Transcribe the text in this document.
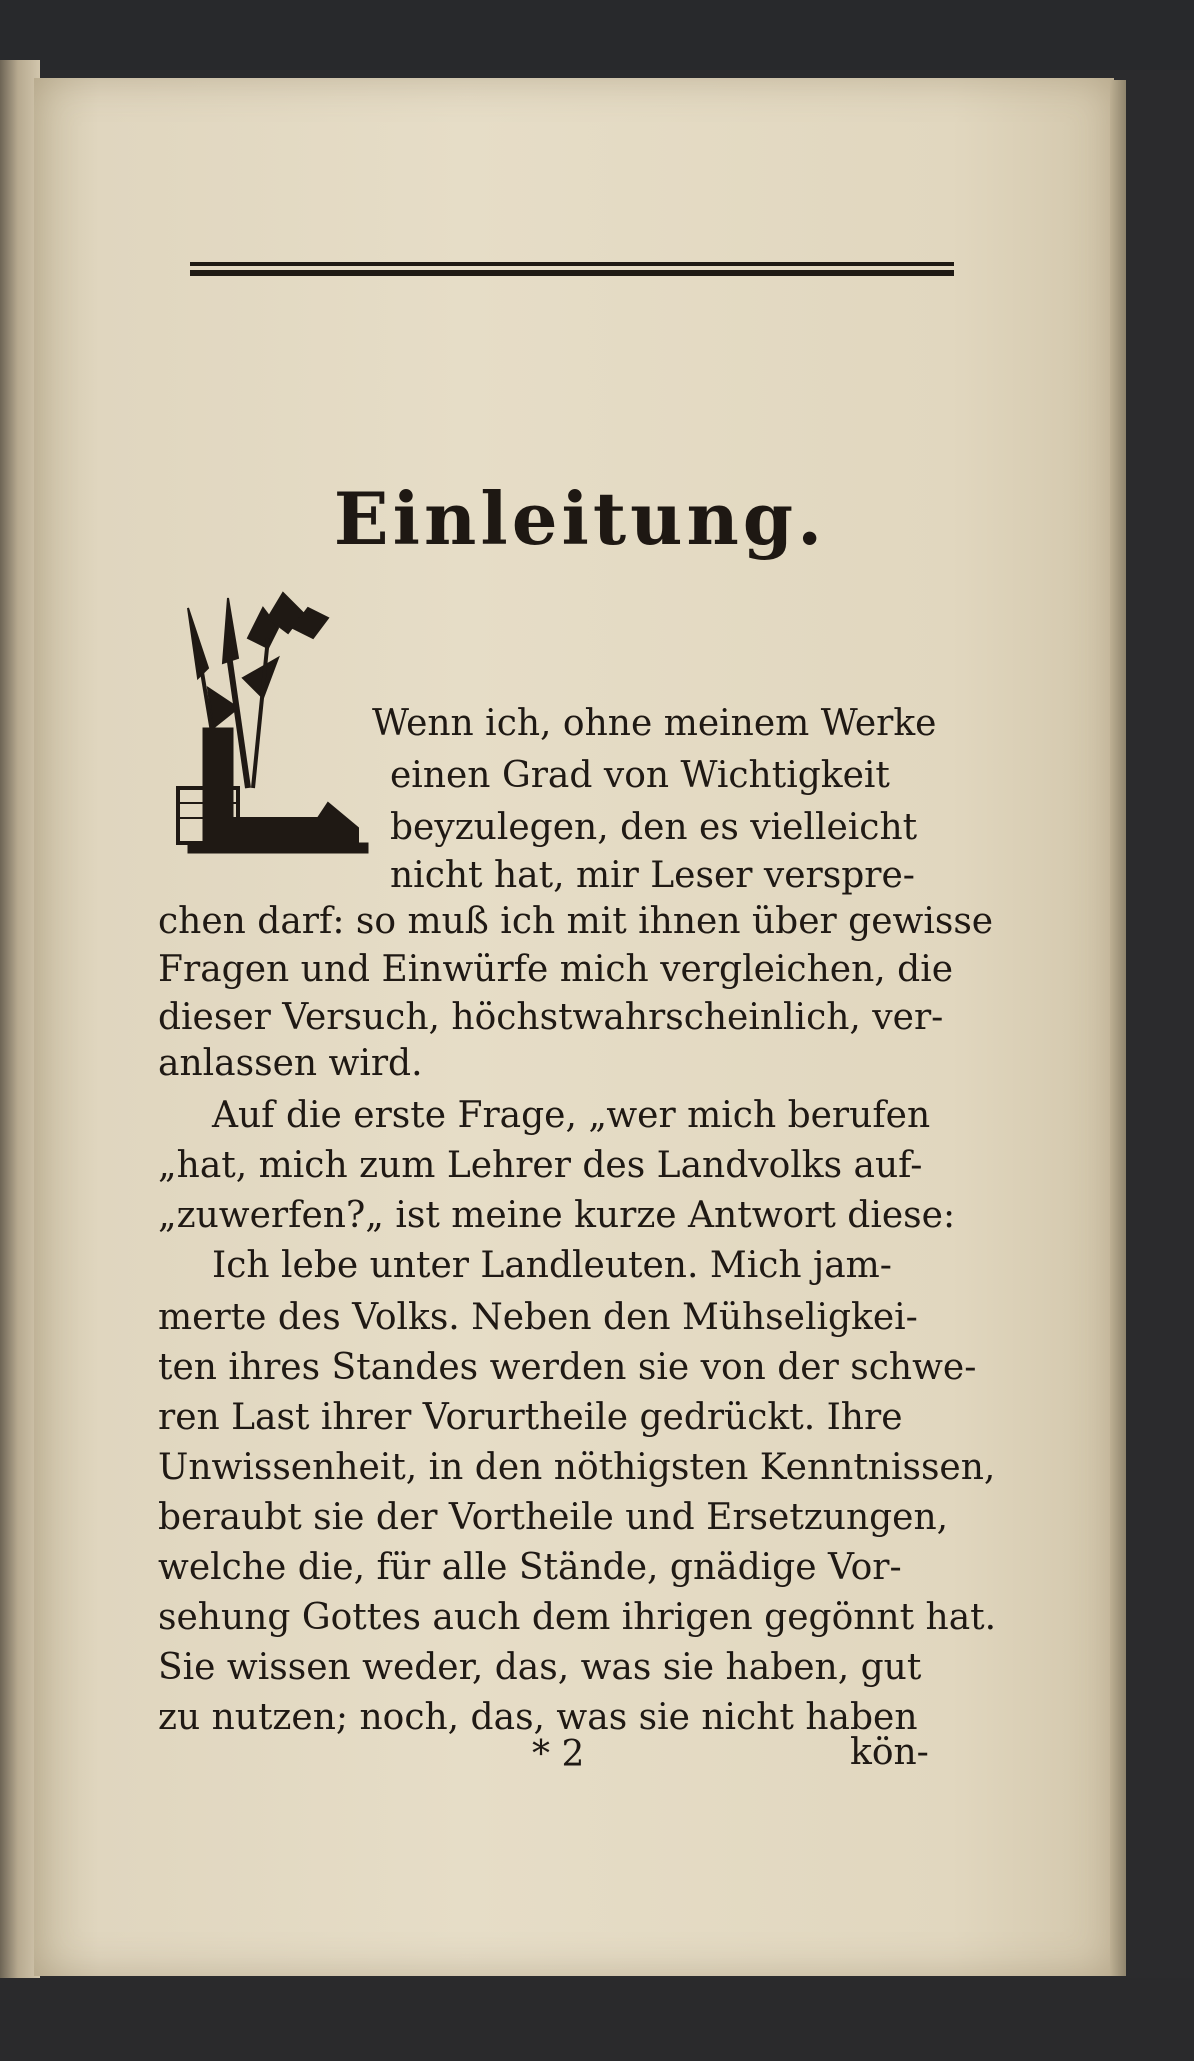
Einleitung.
Wenn ich, ohne meinem Werke
einen Grad von Wichtigkeit
beyzulegen, den es vielleicht
nicht hat, mir Leser verspre-
chen darf: so muß ich mit ihnen über gewisse
Fragen und Einwürfe mich vergleichen, die
dieser Versuch, höchstwahrscheinlich, ver-
anlassen wird.
Auf die erste Frage, „wer mich berufen
„hat, mich zum Lehrer des Landvolks auf-
„zuwerfen?„ ist meine kurze Antwort diese:
Ich lebe unter Landleuten. Mich jam-
merte des Volks. Neben den Mühseligkei-
ten ihres Standes werden sie von der schwe-
ren Last ihrer Vorurtheile gedrückt. Ihre
Unwissenheit, in den nöthigsten Kenntnissen,
beraubt sie der Vortheile und Ersetzungen,
welche die, für alle Stände, gnädige Vor-
sehung Gottes auch dem ihrigen gegönnt hat.
Sie wissen weder, das, was sie haben, gut
zu nutzen; noch, das, was sie nicht haben
* 2	kön-
